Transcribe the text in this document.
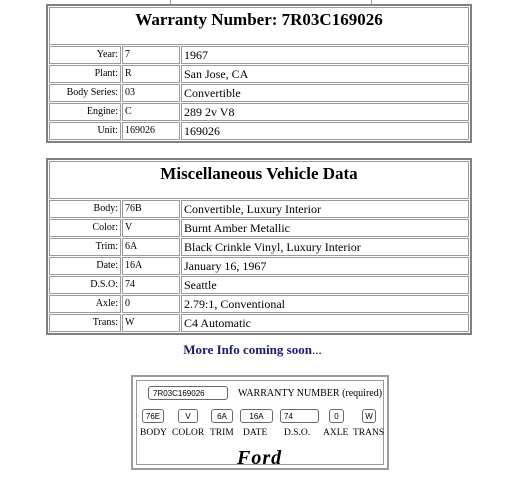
Warranty Number: 7R03C169026		
Year:	7	1967
Plant:	R	San Jose, CA
Body Series:	03	Convertible
Engine:	C	289 2v V8
Unit:	169026	169026
Miscellaneous Vehicle Data		
Body:	76B	Convertible, Luxury Interior
Color:	V	Burnt Amber Metallic
Trim:	6A	Black Crinkle Vinyl, Luxury Interior
Date:	16A	January 16, 1967
D.S.O:	74	Seattle
Axle:	0	2.79:1, Conventional
Trans:	W	C4 Automatic
More Info coming soon...
7R03C169026	WARRANTY NUMBER (required)
76E	V	6A	16A	74	0	W
BODY COLOR TRIM DATE D.S.O. AXLE TRANS
Ford
